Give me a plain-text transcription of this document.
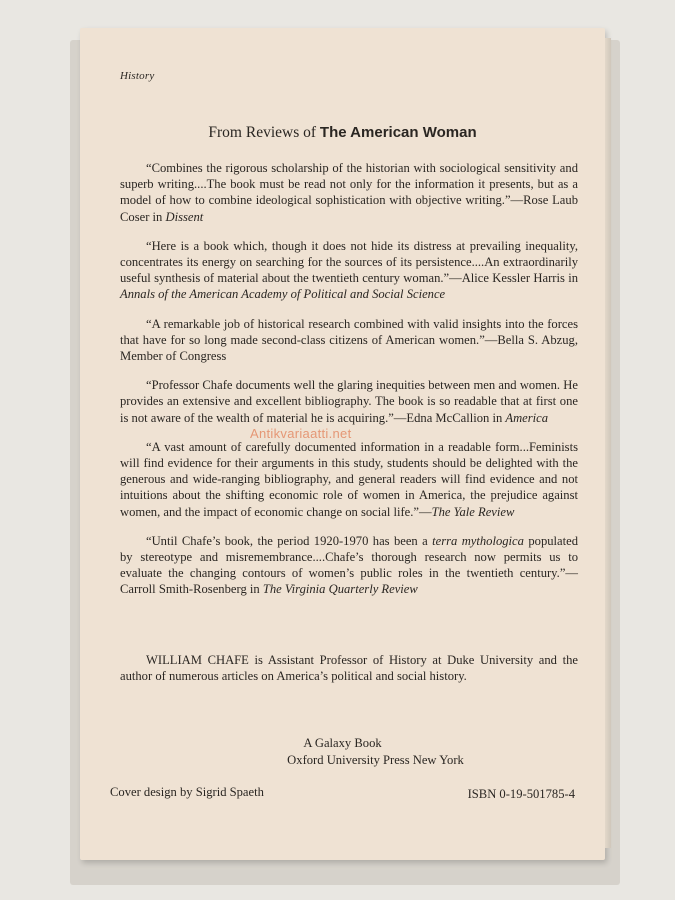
History
From Reviews of The American Woman

“Combines the rigorous scholarship of the historian with sociological sensitivity and superb writing....The book must be read not only for the information it presents, but as a model of how to combine ideological sophistication with objective writing.”—Rose Laub Coser in Dissent

“Here is a book which, though it does not hide its distress at prevailing inequality, concentrates its energy on searching for the sources of its persistence....An extraordinarily useful synthesis of material about the twentieth century woman.”—Alice Kessler Harris in Annals of the American Academy of Political and Social Science

“A remarkable job of historical research combined with valid insights into the forces that have for so long made second-class citizens of American women.”—Bella S. Abzug, Member of Congress

“Professor Chafe documents well the glaring inequities between men and women. He provides an extensive and excellent bibliography. The book is so readable that at first one is not aware of the wealth of material he is acquiring.”—Edna McCallion in America

“A vast amount of carefully documented information in a readable form...Feminists will find evidence for their arguments in this study, students should be delighted with the generous and wide-ranging bibliography, and general readers will find evidence and not intuitions about the shifting economic role of women in America, the prejudice against women, and the impact of economic change on social life.”—The Yale Review

“Until Chafe’s book, the period 1920-1970 has been a terra mythologica populated by stereotype and misremembrance....Chafe’s thorough research now permits us to evaluate the changing contours of women’s public roles in the twentieth century.”—Carroll Smith-Rosenberg in The Virginia Quarterly Review

Antikvariaatti.net
WILLIAM CHAFE is Assistant Professor of History at Duke University and the author of numerous articles on America’s political and social history.
A Galaxy Book
Oxford University Press New York
Cover design by Sigrid Spaeth	ISBN 0-19-501785-4
